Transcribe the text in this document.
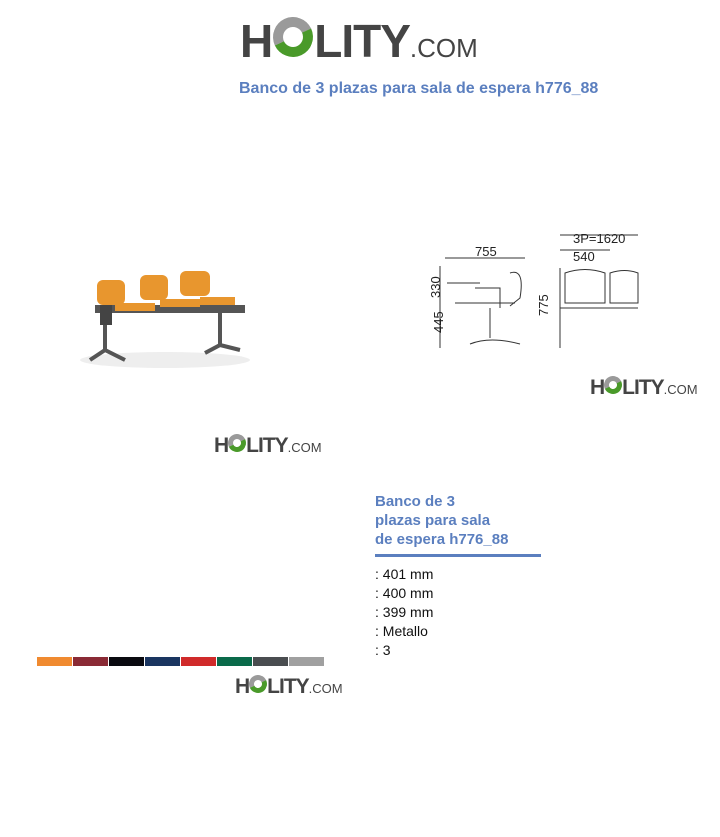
H LITY .COM
Banco de 3 plazas para sala de espera h776_88
755
330
445
775
3P=1620
540
H LITY .COM
H LITY .COM
Banco de 3
plazas para sala
de espera h776_88
: 401 mm
: 400 mm
: 399 mm
: Metallo
: 3
H LITY .COM
